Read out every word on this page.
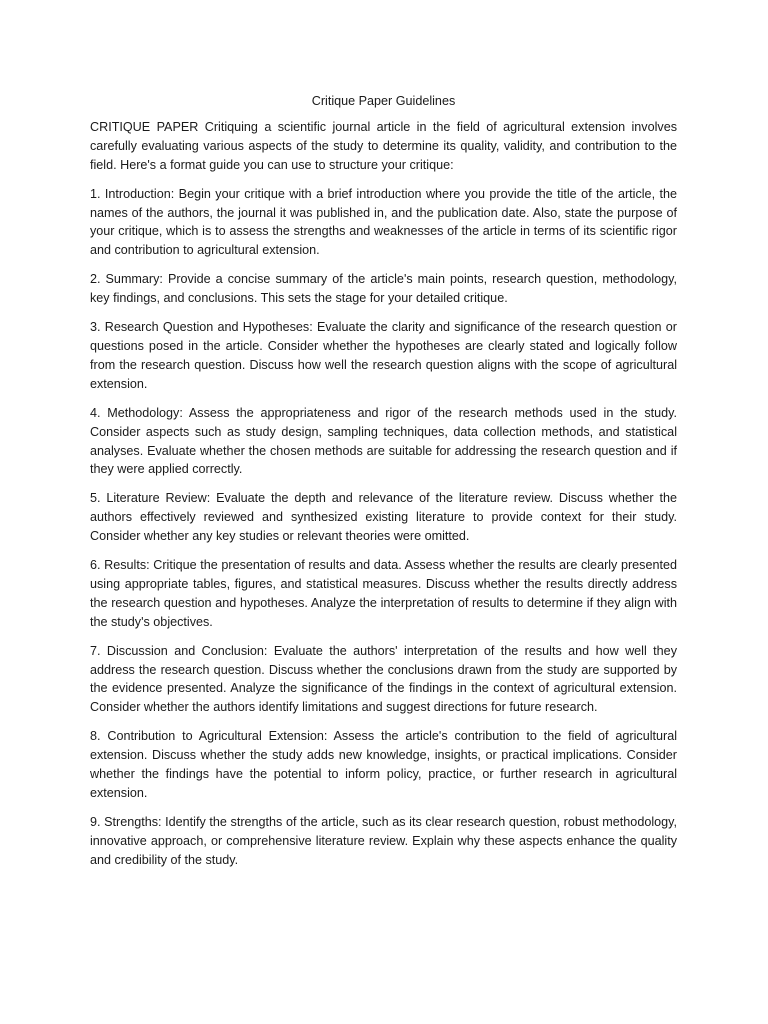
Critique Paper Guidelines

CRITIQUE PAPER Critiquing a scientific journal article in the field of agricultural extension involves carefully evaluating various aspects of the study to determine its quality, validity, and contribution to the field. Here's a format guide you can use to structure your critique:

1. Introduction: Begin your critique with a brief introduction where you provide the title of the article, the names of the authors, the journal it was published in, and the publication date. Also, state the purpose of your critique, which is to assess the strengths and weaknesses of the article in terms of its scientific rigor and contribution to agricultural extension.

2. Summary: Provide a concise summary of the article's main points, research question, methodology, key findings, and conclusions. This sets the stage for your detailed critique.

3. Research Question and Hypotheses: Evaluate the clarity and significance of the research question or questions posed in the article. Consider whether the hypotheses are clearly stated and logically follow from the research question. Discuss how well the research question aligns with the scope of agricultural extension.

4. Methodology: Assess the appropriateness and rigor of the research methods used in the study. Consider aspects such as study design, sampling techniques, data collection methods, and statistical analyses. Evaluate whether the chosen methods are suitable for addressing the research question and if they were applied correctly.

5. Literature Review: Evaluate the depth and relevance of the literature review. Discuss whether the authors effectively reviewed and synthesized existing literature to provide context for their study. Consider whether any key studies or relevant theories were omitted.

6. Results: Critique the presentation of results and data. Assess whether the results are clearly presented using appropriate tables, figures, and statistical measures. Discuss whether the results directly address the research question and hypotheses. Analyze the interpretation of results to determine if they align with the study's objectives.

7. Discussion and Conclusion: Evaluate the authors' interpretation of the results and how well they address the research question. Discuss whether the conclusions drawn from the study are supported by the evidence presented. Analyze the significance of the findings in the context of agricultural extension. Consider whether the authors identify limitations and suggest directions for future research.

8. Contribution to Agricultural Extension: Assess the article's contribution to the field of agricultural extension. Discuss whether the study adds new knowledge, insights, or practical implications. Consider whether the findings have the potential to inform policy, practice, or further research in agricultural extension.

9. Strengths: Identify the strengths of the article, such as its clear research question, robust methodology, innovative approach, or comprehensive literature review. Explain why these aspects enhance the quality and credibility of the study.
